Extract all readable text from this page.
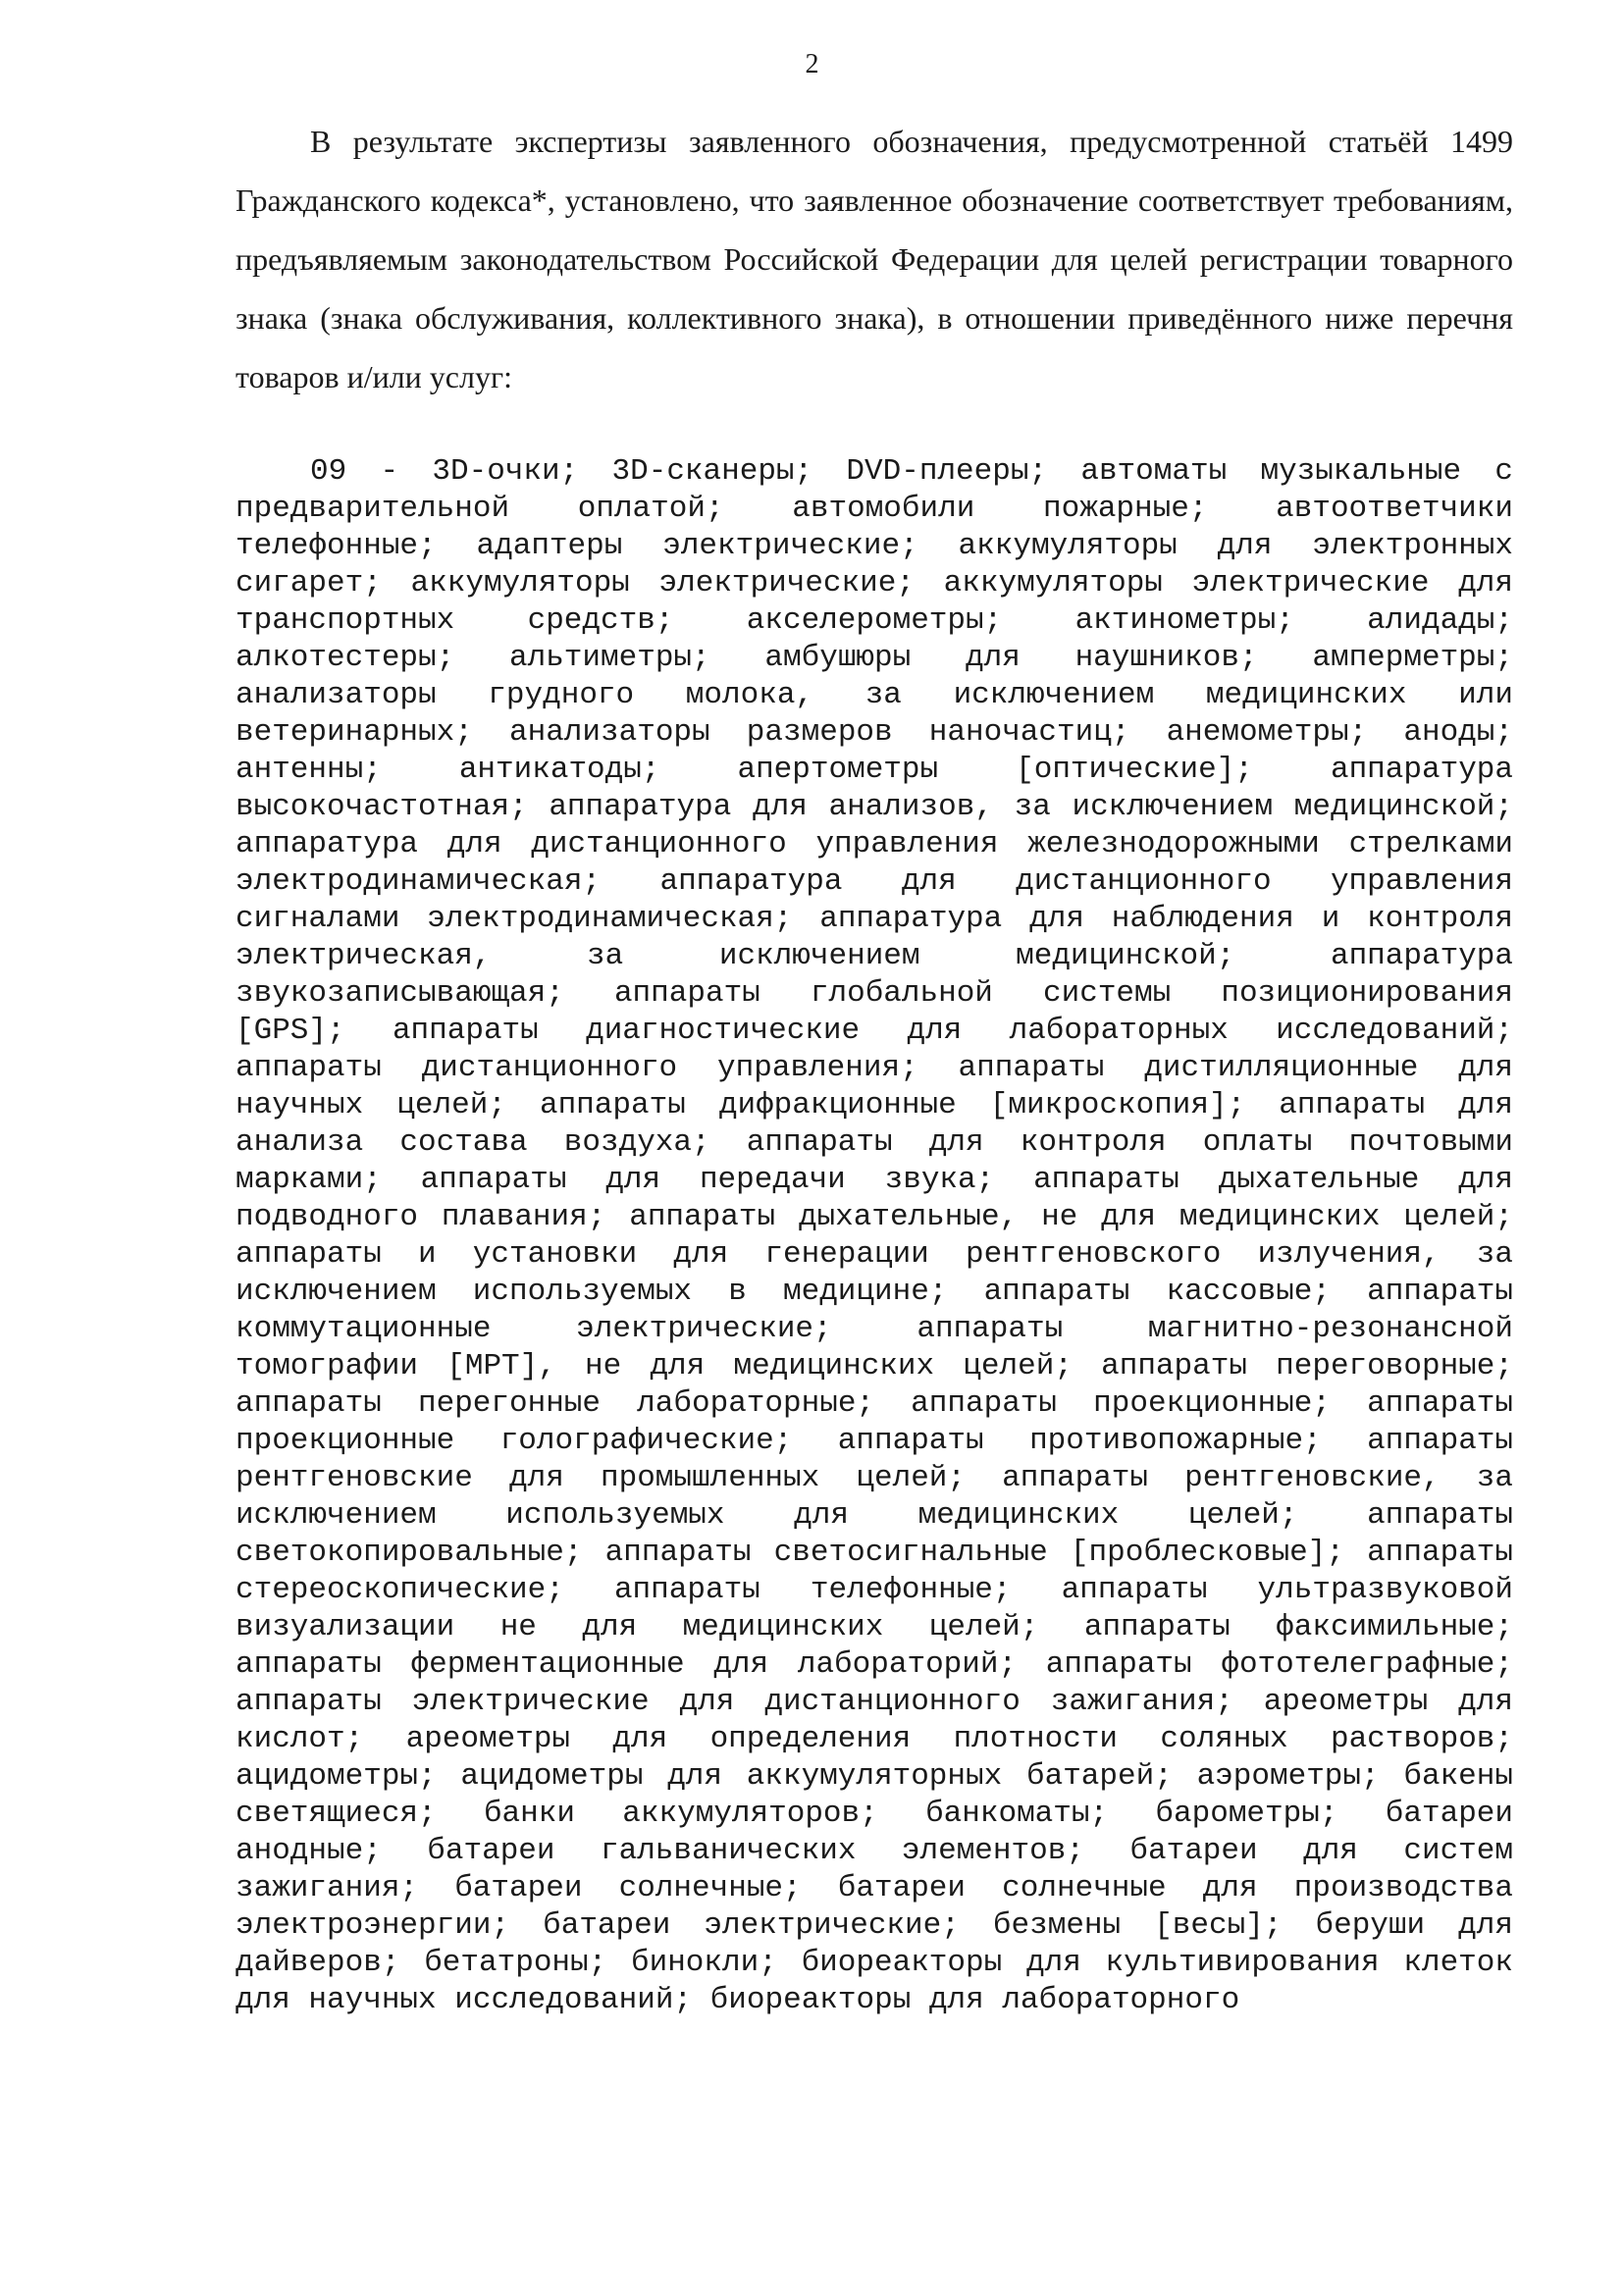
2

В результате экспертизы заявленного обозначения, предусмотренной статьёй 1499 Гражданского кодекса*, установлено, что заявленное обозначение соответствует требованиям, предъявляемым законодательством Российской Федерации для целей регистрации товарного знака (знака обслуживания, коллективного знака), в отношении приведённого ниже перечня товаров и/или услуг:

09 - 3D-очки; 3D-сканеры; DVD-плееры; автоматы музыкальные с предварительной оплатой; автомобили пожарные; автоответчики телефонные; адаптеры электрические; аккумуляторы для электронных сигарет; аккумуляторы электрические; аккумуляторы электрические для транспортных средств; акселерометры; актинометры; алидады; алкотестеры; альтиметры; амбушюры для наушников; амперметры; анализаторы грудного молока, за исключением медицинских или ветеринарных; анализаторы размеров наночастиц; анемометры; аноды; антенны; антикатоды; апертометры [оптические]; аппаратура высокочастотная; аппаратура для анализов, за исключением медицинской; аппаратура для дистанционного управления железнодорожными стрелками электродинамическая; аппаратура для дистанционного управления сигналами электродинамическая; аппаратура для наблюдения и контроля электрическая, за исключением медицинской; аппаратура звукозаписывающая; аппараты глобальной системы позиционирования [GPS]; аппараты диагностические для лабораторных исследований; аппараты дистанционного управления; аппараты дистилляционные для научных целей; аппараты дифракционные [микроскопия]; аппараты для анализа состава воздуха; аппараты для контроля оплаты почтовыми марками; аппараты для передачи звука; аппараты дыхательные для подводного плавания; аппараты дыхательные, не для медицинских целей; аппараты и установки для генерации рентгеновского излучения, за исключением используемых в медицине; аппараты кассовые; аппараты коммутационные электрические; аппараты магнитно-резонансной томографии [МРТ], не для медицинских целей; аппараты переговорные; аппараты перегонные лабораторные; аппараты проекционные; аппараты проекционные голографические; аппараты противопожарные; аппараты рентгеновские для промышленных целей; аппараты рентгеновские, за исключением используемых для медицинских целей; аппараты светокопировальные; аппараты светосигнальные [проблесковые]; аппараты стереоскопические; аппараты телефонные; аппараты ультразвуковой визуализации не для медицинских целей; аппараты факсимильные; аппараты ферментационные для лабораторий; аппараты фототелеграфные; аппараты электрические для дистанционного зажигания; ареометры для кислот; ареометры для определения плотности соляных растворов; ацидометры; ацидометры для аккумуляторных батарей; аэрометры; бакены светящиеся; банки аккумуляторов; банкоматы; барометры; батареи анодные; батареи гальванических элементов; батареи для систем зажигания; батареи солнечные; батареи солнечные для производства электроэнергии; батареи электрические; безмены [весы]; беруши для дайверов; бетатроны; бинокли; биореакторы для культивирования клеток для научных исследований; биореакторы для лабораторного
